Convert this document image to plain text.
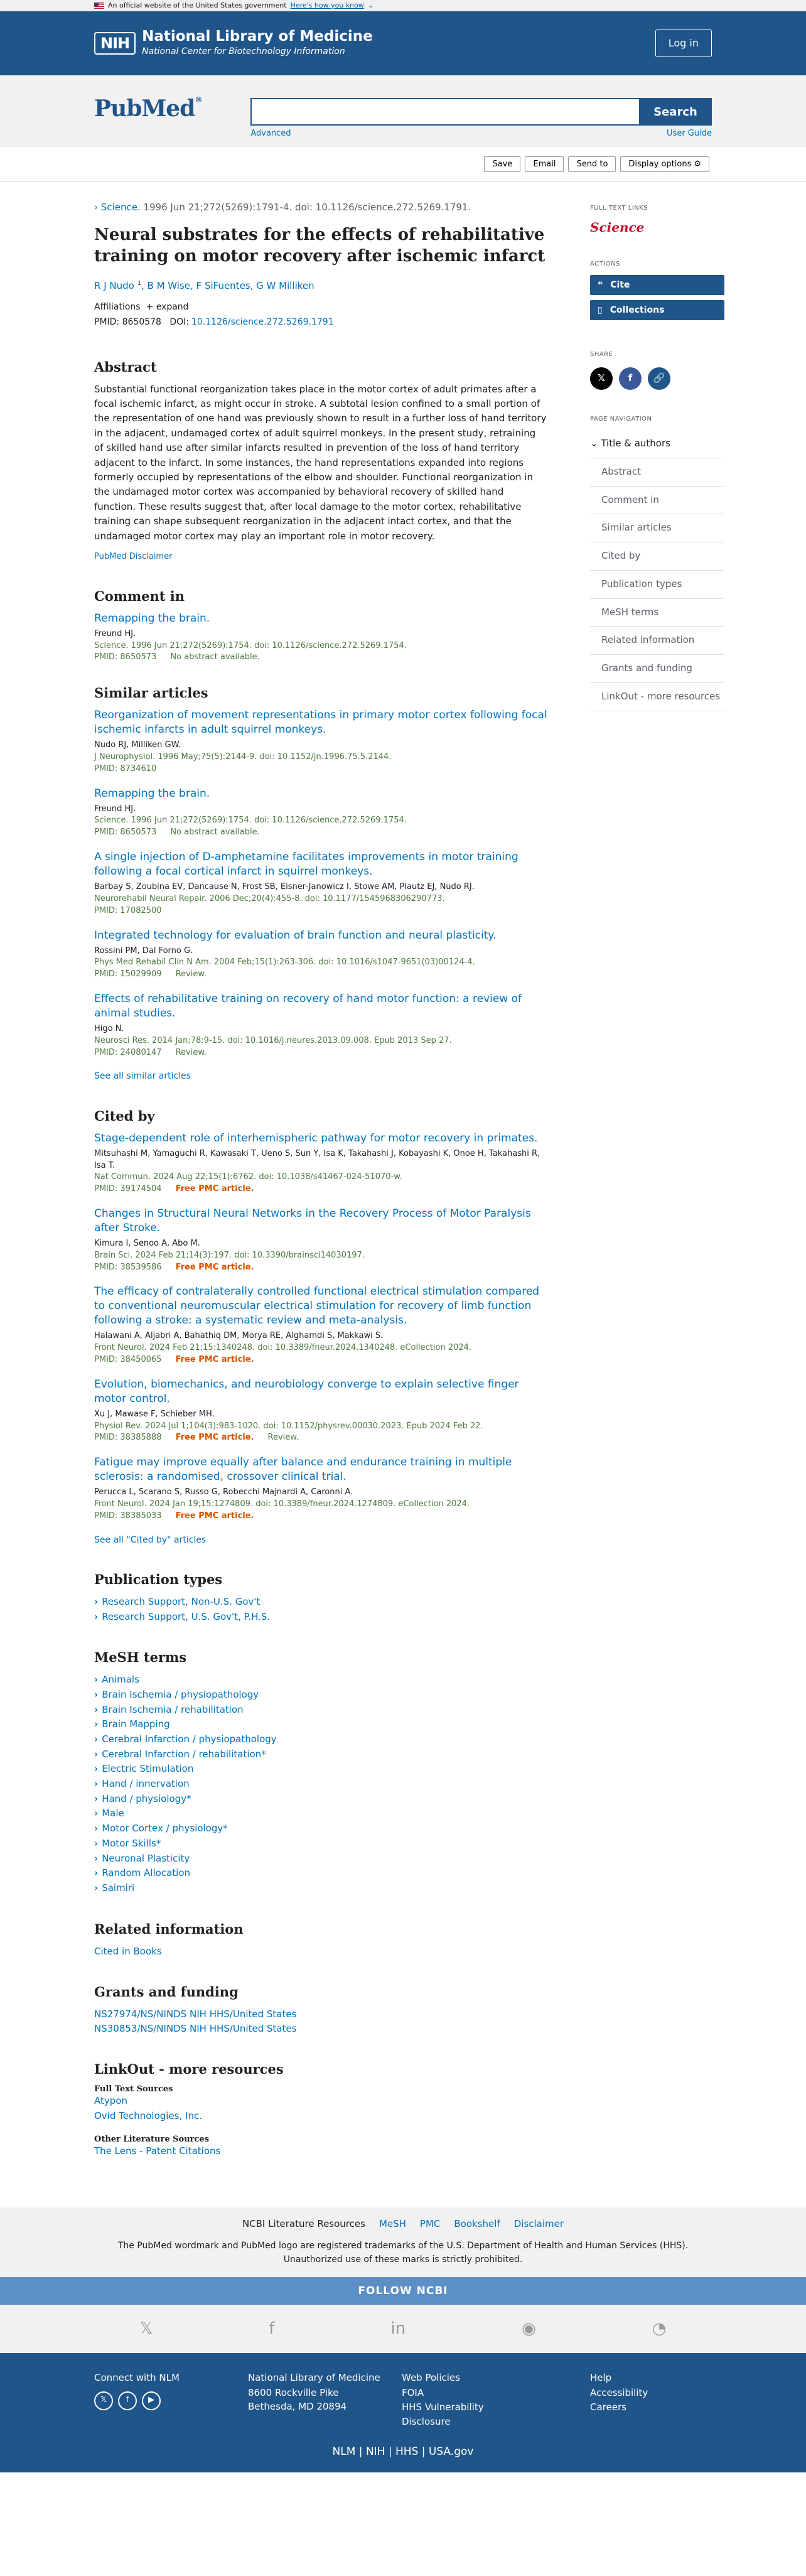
An official website of the United States government Here's how you know ⌄
NIH National Library of Medicine
National Center for Biotechnology Information
Log in
PubMed®
Search
Advanced	User Guide
Save	Email	Send to	Display options ⚙
› Science. 1996 Jun 21;272(5269):1791-4. doi: 10.1126/science.272.5269.1791.
Neural substrates for the effects of rehabilitative training on motor recovery after ischemic infarct
R J Nudo $^1$, B M Wise, F SiFuentes, G W Milliken
Affiliations + expand
PMID: 8650578 DOI: 10.1126/science.272.5269.1791
Abstract

Substantial functional reorganization takes place in the motor cortex of adult primates after a focal ischemic infarct, as might occur in stroke. A subtotal lesion confined to a small portion of the representation of one hand was previously shown to result in a further loss of hand territory in the adjacent, undamaged cortex of adult squirrel monkeys. In the present study, retraining of skilled hand use after similar infarcts resulted in prevention of the loss of hand territory adjacent to the infarct. In some instances, the hand representations expanded into regions formerly occupied by representations of the elbow and shoulder. Functional reorganization in the undamaged motor cortex was accompanied by behavioral recovery of skilled hand function. These results suggest that, after local damage to the motor cortex, rehabilitative training can shape subsequent reorganization in the adjacent intact cortex, and that the undamaged motor cortex may play an important role in motor recovery.

PubMed Disclaimer
Comment in
Remapping the brain.
Freund HJ.
Science. 1996 Jun 21;272(5269):1754. doi: 10.1126/science.272.5269.1754.
PMID: 8650573 No abstract available.
Similar articles
Reorganization of movement representations in primary motor cortex following focal ischemic infarcts in adult squirrel monkeys.
Nudo RJ, Milliken GW.
J Neurophysiol. 1996 May;75(5):2144-9. doi: 10.1152/jn.1996.75.5.2144.
PMID: 8734610
Remapping the brain.
Freund HJ.
Science. 1996 Jun 21;272(5269):1754. doi: 10.1126/science.272.5269.1754.
PMID: 8650573 No abstract available.
A single injection of D-amphetamine facilitates improvements in motor training following a focal cortical infarct in squirrel monkeys.
Barbay S, Zoubina EV, Dancause N, Frost SB, Eisner-Janowicz I, Stowe AM, Plautz EJ, Nudo RJ.
Neurorehabil Neural Repair. 2006 Dec;20(4):455-8. doi: 10.1177/1545968306290773.
PMID: 17082500
Integrated technology for evaluation of brain function and neural plasticity.
Rossini PM, Dal Forno G.
Phys Med Rehabil Clin N Am. 2004 Feb;15(1):263-306. doi: 10.1016/s1047-9651(03)00124-4.
PMID: 15029909 Review.
Effects of rehabilitative training on recovery of hand motor function: a review of animal studies.
Higo N.
Neurosci Res. 2014 Jan;78:9-15. doi: 10.1016/j.neures.2013.09.008. Epub 2013 Sep 27.
PMID: 24080147 Review.
See all similar articles
Cited by
Stage-dependent role of interhemispheric pathway for motor recovery in primates.
Mitsuhashi M, Yamaguchi R, Kawasaki T, Ueno S, Sun Y, Isa K, Takahashi J, Kobayashi K, Onoe H, Takahashi R, Isa T.
Nat Commun. 2024 Aug 22;15(1):6762. doi: 10.1038/s41467-024-51070-w.
PMID: 39174504 Free PMC article.
Changes in Structural Neural Networks in the Recovery Process of Motor Paralysis after Stroke.
Kimura I, Senoo A, Abo M.
Brain Sci. 2024 Feb 21;14(3):197. doi: 10.3390/brainsci14030197.
PMID: 38539586 Free PMC article.
The efficacy of contralaterally controlled functional electrical stimulation compared to conventional neuromuscular electrical stimulation for recovery of limb function following a stroke: a systematic review and meta-analysis.
Halawani A, Aljabri A, Bahathiq DM, Morya RE, Alghamdi S, Makkawi S.
Front Neurol. 2024 Feb 21;15:1340248. doi: 10.3389/fneur.2024.1340248. eCollection 2024.
PMID: 38450065 Free PMC article.
Evolution, biomechanics, and neurobiology converge to explain selective finger motor control.
Xu J, Mawase F, Schieber MH.
Physiol Rev. 2024 Jul 1;104(3):983-1020. doi: 10.1152/physrev.00030.2023. Epub 2024 Feb 22.
PMID: 38385888 Free PMC article. Review.
Fatigue may improve equally after balance and endurance training in multiple sclerosis: a randomised, crossover clinical trial.
Perucca L, Scarano S, Russo G, Robecchi Majnardi A, Caronni A.
Front Neurol. 2024 Jan 19;15:1274809. doi: 10.3389/fneur.2024.1274809. eCollection 2024.
PMID: 38385033 Free PMC article.
See all "Cited by" articles
Publication types
› Research Support, Non-U.S. Gov't
› Research Support, U.S. Gov't, P.H.S.
MeSH terms
› Animals
› Brain Ischemia / physiopathology
› Brain Ischemia / rehabilitation
› Brain Mapping
› Cerebral Infarction / physiopathology
› Cerebral Infarction / rehabilitation*
› Electric Stimulation
› Hand / innervation
› Hand / physiology*
› Male
› Motor Cortex / physiology*
› Motor Skills*
› Neuronal Plasticity
› Random Allocation
› Saimiri
Related information
Cited in Books
Grants and funding
NS27974/NS/NINDS NIH HHS/United States
NS30853/NS/NINDS NIH HHS/United States
LinkOut - more resources
Full Text Sources
Atypon
Ovid Technologies, Inc.
Other Literature Sources
The Lens - Patent Citations
FULL TEXT LINKS
Science
ACTIONS
❝ Cite
▯ Collections
SHARE
𝕏	f	🔗
PAGE NAVIGATION
⌄ Title & authors
Abstract
Comment in
Similar articles
Cited by
Publication types
MeSH terms
Related information
Grants and funding
LinkOut - more resources
NCBI Literature Resources MeSH PMC Bookshelf Disclaimer
The PubMed wordmark and PubMed logo are registered trademarks of the U.S. Department of Health and Human Services (HHS).
Unauthorized use of these marks is strictly prohibited.
FOLLOW NCBI
𝕏	f	in	◉	◔

Connect with NLM

𝕏	f	▶
National Library of Medicine

8600 Rockville Pike

Bethesda, MD 20894

Web Policies
FOIA
HHS Vulnerability Disclosure
Help
Accessibility
Careers
NLM | NIH | HHS | USA.gov
